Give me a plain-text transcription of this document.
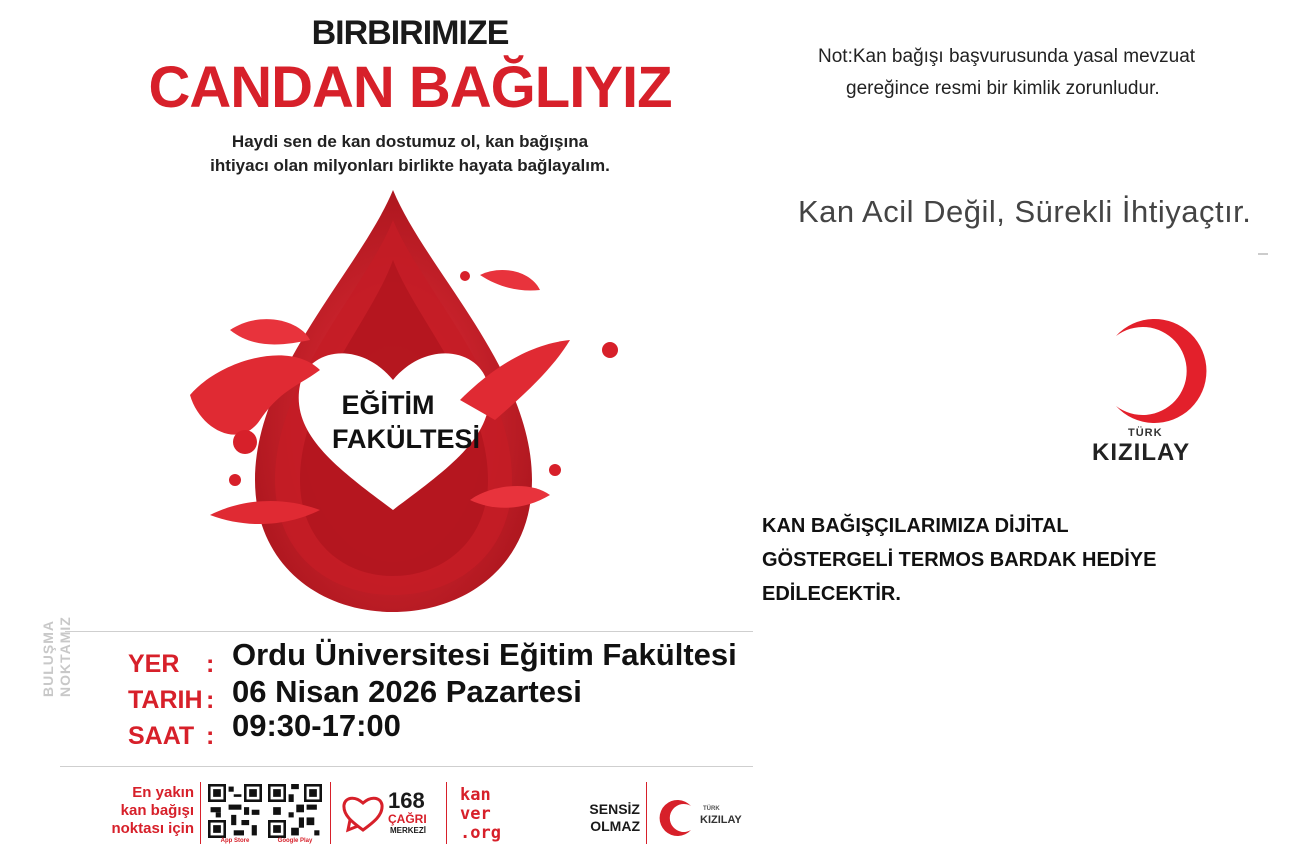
BIRBIRIMIZE
CANDAN BAĞLIYIZ
Haydi sen de kan dostumuz ol, kan bağışına
ihtiyacı olan milyonları birlikte hayata bağlayalım.
EĞİTİM
FAKÜLTESİ
BULUŞMA NOKTAMIZ YER	: Ordu Üniversitesi Eğitim Fakültesi
TARIH : 06 Nisan 2026 Pazartesi
SAAT : 09:30-17:00
En yakın
kan bağışı
noktası için
App Store	Google Play
168
ÇAĞRI
MERKEZİ
kan
ver
.org
SENSİZ
OLMAZ
TÜRK
KIZILAY
Not:Kan bağışı başvurusunda yasal mevzuat
gereğince resmi bir kimlik zorunludur.
Kan Acil Değil, Sürekli İhtiyaçtır.
TÜRK
KIZILAY
KAN BAĞIŞÇILARIMIZA DİJİTAL
GÖSTERGELİ TERMOS BARDAK HEDİYE
EDİLECEKTİR.
